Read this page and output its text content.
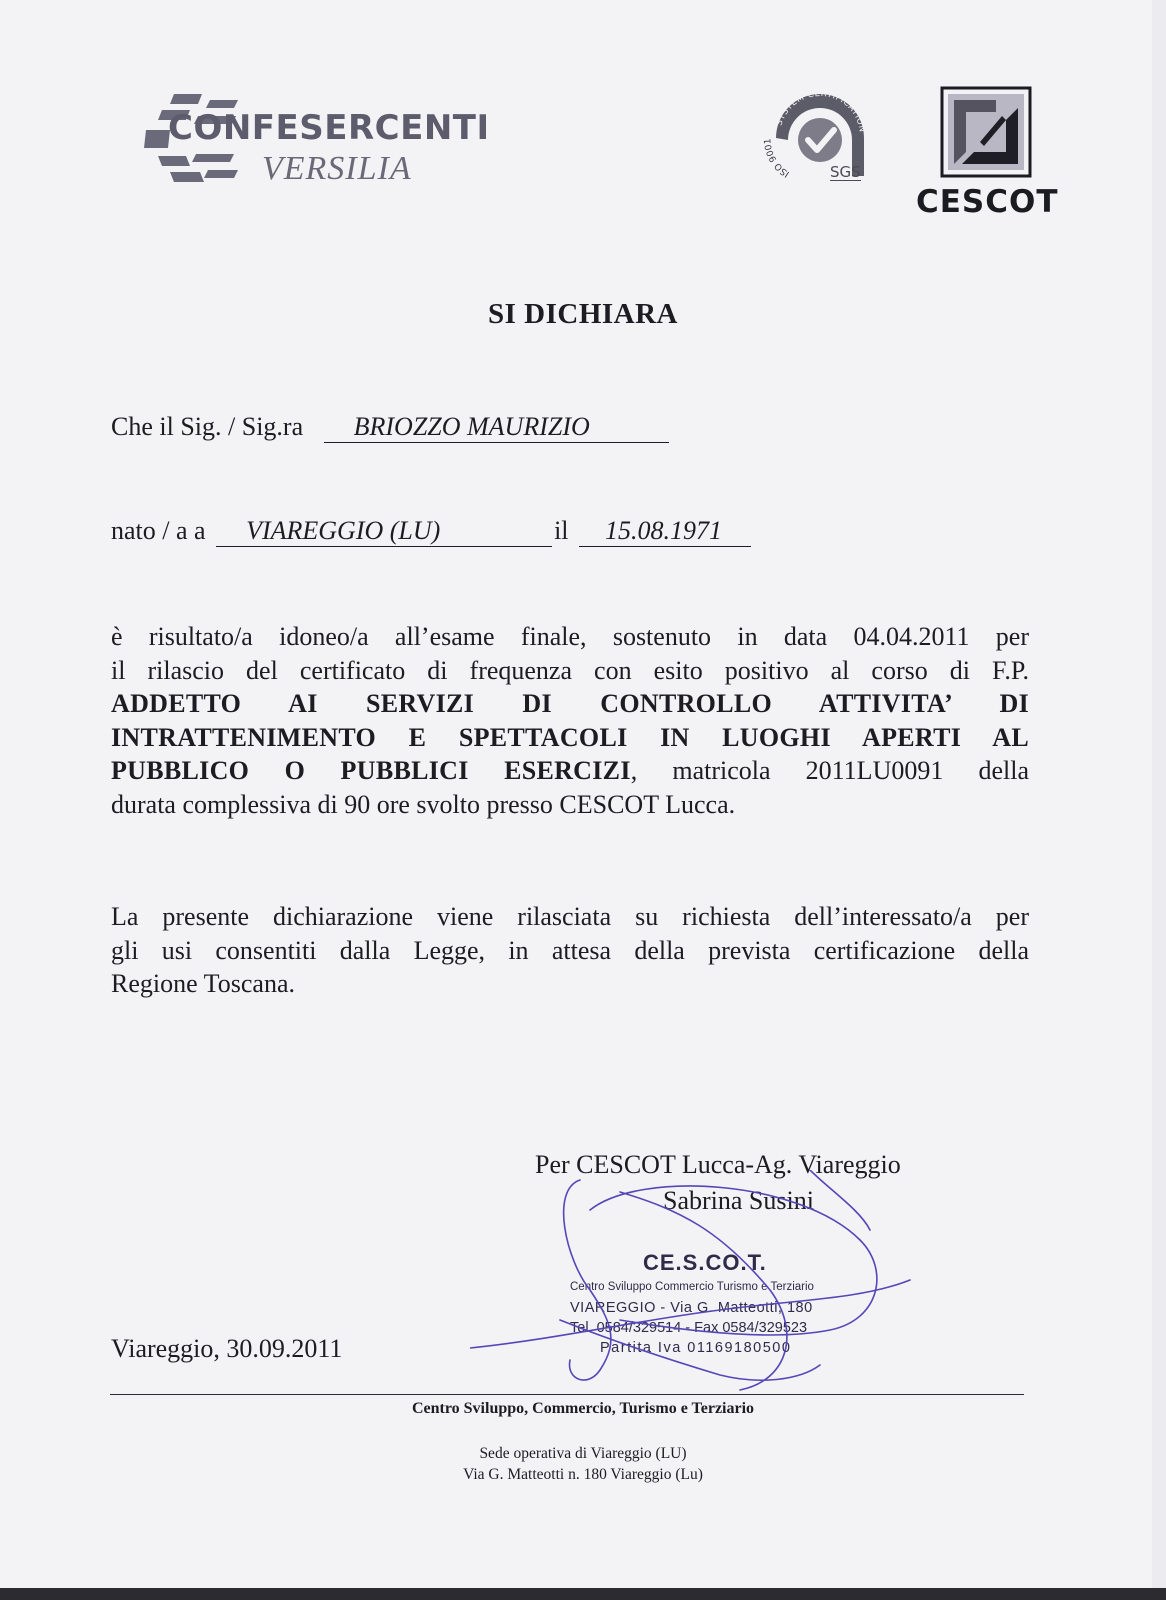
CONFESERCENTI
VERSILIA
SYSTEM CERTIFICATION
ISO 9001
SGS
CESCOT
SI DICHIARA
Che il Sig. / Sig.ra BRIOZZO MAURIZIO
nato / a a VIAREGGIO (LU)	il 15.08.1971
è risultato/a idoneo/a all’esame finale, sostenuto in data 04.04.2011 per
il rilascio del certificato di frequenza con esito positivo al corso di F.P.
ADDETTO AI SERVIZI DI CONTROLLO ATTIVITA’ DI
INTRATTENIMENTO E SPETTACOLI IN LUOGHI APERTI AL
PUBBLICO O PUBBLICI ESERCIZI, matricola 2011LU0091 della
durata complessiva di 90 ore svolto presso CESCOT Lucca.
La presente dichiarazione viene rilasciata su richiesta dell’interessato/a per
gli usi consentiti dalla Legge, in attesa della prevista certificazione della
Regione Toscana.
Per CESCOT Lucca-Ag. Viareggio
Sabrina Susini
CE.S.CO.T.
Centro Sviluppo Commercio Turismo e Terziario
VIAREGGIO - Via G. Matteotti, 180
Tel. 0584/329514 - Fax 0584/329523
Partita Iva 01169180500
Viareggio, 30.09.2011
Centro Sviluppo, Commercio, Turismo e Terziario
Sede operativa di Viareggio (LU)
Via G. Matteotti n. 180 Viareggio (Lu)
